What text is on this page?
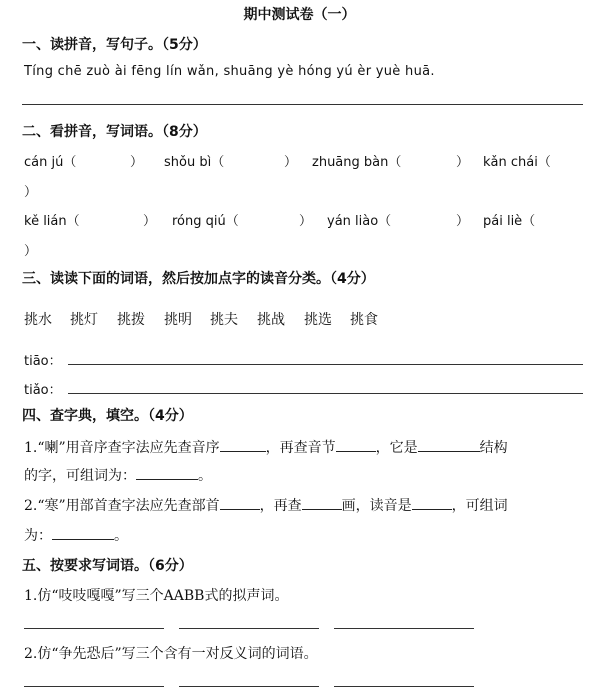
期中测试卷（一）
一、读拼音，写句子。（5分）
Tíng chē zuò ài fēng lín wǎn, shuāng yè hóng yú èr yuè huā.
二、看拼音，写词语。（8分）
cán jú（	） shǒu bì（	） zhuāng bàn（	） kǎn chái（
）
kě lián（	） róng qiú（	） yán liào（	） pái liè（
）
三、读读下面的词语，然后按加点字的读音分类。（4分）
挑水 挑灯 挑拨 挑明 挑夫 挑战 挑选 挑食
tiāo：
tiǎo：
四、查字典，填空。（4分）
1.“喇”用音序查字法应先查音序	，再查音节	，它是	结构
的字，可组词为：	。
2.“寒”用部首查字法应先查部首	，再查	画，读音是	，可组词
为：	。
五、按要求写词语。（6分）
1.仿“吱吱嘎嘎”写三个AABB式的拟声词。
2.仿“争先恐后”写三个含有一对反义词的词语。
